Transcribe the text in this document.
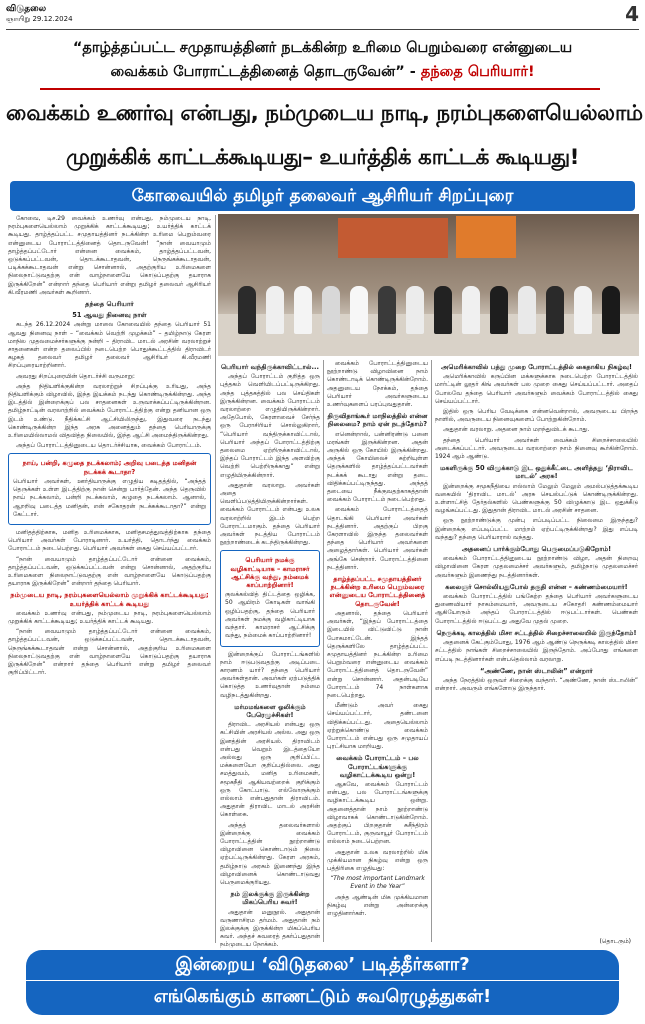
விடுதலை
ஞாயிறு 29.12.2024	4
“தாழ்த்தப்பட்ட சமுதாயத்தினர் நடக்கின்ற உரிமை பெறும்வரை என்னுடைய
வைக்கம் போராட்டத்தினைத் தொடருவேன்” - தந்தை பெரியார்!
வைக்கம் உணர்வு என்பது, நம்முடைய நாடி, நரம்புகளையெல்லாம்
முறுக்கிக் காட்டக்கூடியது– உயர்த்திக் காட்டக் கூடியது!
கோவையில் தமிழர் தலைவர் ஆசிரியர் சிறப்புரை

கோவை, டிச.29 வைக்கம் உணர்வு என்பது, நம்முடைய நாடி, நரம்புகளையெல்லாம் முறுக்கிக் காட்டக்கூடியது; உயர்த்திக் காட்டக் கூடியது. தாழ்த்தப்பட்ட சமுதாயத்தினர் நடக்கின்ற உரிமை பெறும்வரை என்னுடைய போராட்டத்தினைத் தொடருவேன்! “நான் வையாமும் தாழ்த்தப்பட்டோர் என்னை வைக்கம், தாழ்த்தப்பட்டவன், ஒடுக்கப்பட்டவன், தொடக்கூடாதவன், நெருங்கக்கூடாதவன், படிக்கக்கூடாதவன் என்று சொன்னால், அதற்குரிய உரிமைகளை நிலைநாட்டுவதற்கு என் வாழ்நாளையே கொடுப்பதற்கு தயாராக இருக்கிறேன்” என்றார் தந்தை பெரியார் என்று தமிழர் தலைவர் ஆசிரியர் கி.வீரமணி அவர்கள் கூறினார்.

தந்தை பெரியார்
51 ஆவது நினைவு நாள்

கடந்த 26.12.2024 அன்று மாலை கோவையில் தந்தை பெரியார் 51 ஆவது நினைவு நாள் – “வைக்கம் வெற்றி முழக்கம்” – தமிழ்நாடு கேரள மாநில முதலமைச்சர்களுக்கு நன்றி – திராவிட மாடல் அரசின் வரலாற்றுச் சாதனைகள் என்ற தலைப்பில் நடைபெற்ற பொதுக்கூட்டத்தில் திராவிடர் கழகத் தலைவர் தமிழர் தலைவர் ஆசிரியர் கி.வீரமணி சிறப்புரையாற்றினார்.

அவரது சிறப்புரையின் தொடர்ச்சி வருமாறு:

அந்த நிதியளிக்குகின்ற வரலாற்றுச் சிறப்புக்கு உரியது, அந்த நிதியளிக்கும் விழாவில், இந்த இயக்கம் நடந்து கொண்டிருக்கின்றது. அந்த இடத்தில் இன்றைக்குப் பல சாதனைகள் உருவாக்கப்பட்டிருக்கின்றன. தமிழ்நாட்டின் வரலாற்றில் வைக்கம் போராட்டத்திற்கு என்று தனியான ஒரு இடம் உண்டு. நீதிக்கட்சி ஆட்சியிலிருந்து, இதுவரை நடந்து கொண்டிருக்கின்ற இந்த அரசு அனைத்தும் தந்தை பெரியாருக்கு உரிமையில்லாமல் விதவித்த நிலையில், இந்த ஆட்சி அமைந்திருக்கின்றது.

அந்தப் போராட்டத்தினுடைய தொடர்ச்சியாக, வைக்கம் போராட்டம்.

நாய், பன்றி, கழுதை நடக்கலாம்; அறிவு படைத்த மனிதன் நடக்கக் கூடாதா?

பெரியார் அவர்கள், ஊர்தியாருக்கு எழுதிய கடிதத்தில், “அந்தத் தெருக்கள் உள்ள இடத்திற்கு நான் சென்று பார்த்தேன். அந்த தெருவில் நாய் நடக்கலாம், பன்றி நடக்கலாம், கழுதை நடக்கலாம். ஆனால், ஆறறிவு படைத்த மனிதன், என் சகோதரன் நடக்கக்கூடாதா?” என்று கேட்டார்.

மனிதத்திற்காக, மனித உரிமைக்காக, மனிதசமத்துவத்திற்காக தந்தை பெரியார் அவர்கள் போராடினார். உயர்த்தி, தொடர்ந்து வைக்கம் போராட்டம் நடைபெற்றது. பெரியார் அவர்கள் கைது செய்யப்பட்டார்.

“நான் வையாமும் தாழ்த்தப்பட்டோர் என்னை வைக்கம், தாழ்த்தப்பட்டவன், ஒடுக்கப்பட்டவன் என்று சொன்னால், அதற்குரிய உரிமைகளை நிலைநாட்டுவதற்கு என் வாழ்நாளையே கொடுப்பதற்கு தயாராக இருக்கிறேன்” என்றார் தந்தை பெரியார்.

நம்முடைய நாடி, நரம்புகளையெல்லாம் முறுக்கிக் காட்டக்கூடியது; உயர்த்திக் காட்டக் கூடியது

வைக்கம் உணர்வு என்பது, நம்முடைய நாடி, நரம்புகளையெல்லாம் முறுக்கிக் காட்டக்கூடியது; உயர்த்திக் காட்டக் கூடியது.

“நான் வையாமும் தாழ்த்தப்பட்டோர் என்னை வைக்கம், தாழ்த்தப்பட்டவன், ஒடுக்கப்பட்டவன், தொடக்கூடாதவன், நெருங்கக்கூடாதவன் என்று சொன்னால், அதற்குரிய உரிமைகளை நிலைநாட்டுவதற்கு என் வாழ்நாளையே கொடுப்பதற்கு தயாராக இருக்கிறேன்” என்றார் தந்தை பெரியார் என்று தமிழர் தலைவர் குறிப்பிட்டார்.

பெரியார் வந்திருக்காவிட்டால்...

அந்தப் போராட்டம் குறித்த ஒரு புத்தகம் வெளியிடப்பட்டிருக்கிறது. அந்த புத்தகத்தில் பல செய்திகள் இருக்கின்றன. வைக்கம் போராட்டம் வரலாற்றை எழுதியிருக்கின்றார். அதேபோல், கேரளாவைச் சேர்ந்த ஒரு பேராசிரியர் சொல்லுகிறார், “பெரியார் வந்திருக்காவிட்டால், பெரியார் அந்தப் போராட்டத்திற்கு தலைமை ஏற்றிருக்காவிட்டால், இந்தப் போராட்டம் இந்த அளவிற்கு வெற்றி பெற்றிருக்காது” என்று எழுதியிருக்கின்றார்.

அதுதான் வரலாறு. அவர்கள் அதை வெளிப்படுத்தியிருக்கின்றார்கள். வைக்கம் போராட்டம் என்பது உலக வரலாற்றில் இடம் பெற்ற போராட்டமாகும். தந்தை பெரியார் அவர்கள் நடத்திய போராட்டம் நூற்றாண்டைக் கடந்திருக்கின்றது.

பெரியார் நமக்கு வழிகாட்டியாக – காமராசர் ஆட்சிக்கு வந்து, நம்மைக் காப்பாற்றினார்!

குலக்கல்வித் திட்டத்தை ஒழிக்க, 50 ஆயிரம் கோடிகள் வாங்கி ஒழிப்பதற்கு, தந்தை பெரியார் அவர்கள் நமக்கு வழிகாட்டியாக வந்தார். காமராசர் ஆட்சிக்கு வந்து, நம்மைக் காப்பாற்றினார்!

இன்றைக்குப் போராட்டங்களில் நாம் ஈடுபடுவதற்கு அடிப்படை காரணம் யார்? தந்தை பெரியார் அவர்கள்தான். அவர்கள் ஏற்படுத்திக் கொடுத்த உணர்வுதான் நம்மை வழிநடத்துகின்றது.

மர்மமங்களை ஓலிக்கும் பேரெழுச்சிகள்!

திராவிட அரசியல் என்பது ஒரு கட்சியின் அரசியல் அல்ல. அது ஒரு இனத்தின் அரசியல். திராவிடம் என்பது வெறும் இடத்தையோ அல்லது ஒரு குறிப்பிட்ட மக்களையோ குறிப்பதில்லை. அது சமத்துவம், மனித உரிமைகள், சமூகநீதி ஆகியவற்றைக் குறிக்கும் ஒரு கோட்பாடு. எல்லோருக்கும் எல்லாம் என்பதுதான் திராவிடம். அதுதான் திராவிட மாடல் அரசின் கொள்கை.

அந்தத் தலைவர்களால் இன்றைக்கு வைக்கம் போராட்டத்தின் நூற்றாண்டு விழாவினை கொண்டாடும் நிலை ஏற்பட்டிருக்கின்றது. கேரள அரசும், தமிழ்நாடு அரசும் இணைந்து இந்த விழாவினைக் கொண்டாடுவது பெருமைக்குரியது.

நம் இலக்குக்கு இருக்கின்ற மிகப்பெரிய சுவர்!

அதுதான் மனுநூல். அதுதான் வருணாசிரம தர்மம். அதுதான் நம் இலக்குக்கு இருக்கின்ற மிகப்பெரிய சுவர். அந்தச் சுவரைத் தகர்ப்பதுதான் நம்முடைய நோக்கம்.

வைக்கம் போராட்டத்தினுடைய நூற்றாண்டு விழாவினை நாம் கொண்டாடிக் கொண்டிருக்கின்றோம். அதனுடைய நோக்கம், தந்தை பெரியார் அவர்களுடைய உணர்வுகளைப் பரப்புவதுதான்.

திருவிதாங்கூர் மாநிலத்தில் என்ன நிலைமை? நாம் ஏன் நடந்தோம்?

எனென்றால், பன்னிரண்டு பனை மரங்கள் இருக்கின்றன. அதன் அருகில் ஒரு கோயில் இருக்கின்றது. அந்தக் கோயிலைச் சுற்றியுள்ள தெருக்களில் தாழ்த்தப்பட்டவர்கள் நடக்கக் கூடாது என்று தடை விதிக்கப்பட்டிருந்தது. அந்தத் தடையை நீக்குவதற்காகத்தான் வைக்கம் போராட்டம் நடைபெற்றது.

வைக்கம் போராட்டத்தைத் தொடங்கி பெரியார் அவர்கள் நடத்தினார். அதற்குப் பிறகு கேரளாவில் இருந்த தலைவர்கள் தந்தை பெரியார் அவர்களை அழைத்தார்கள். பெரியார் அவர்கள் அங்கே சென்றார். போராட்டத்தினை நடத்தினார்.

தாழ்த்தப்பட்ட சமுதாயத்தினர் நடக்கின்ற உரிமை பெறும்வரை என்னுடைய போராட்டத்தினைத் தொடருவேன்!

அதனால், தந்தை பெரியார் அவர்கள், “இந்தப் போராட்டத்தை இடையில் விட்டுவிட்டு நான் போகமாட்டேன். இந்தத் தெருக்களிலே தாழ்த்தப்பட்ட சமுதாயத்தினர் நடக்கின்ற உரிமை பெறும்வரை என்னுடைய வைக்கம் போராட்டத்தினைத் தொடருவேன்” என்று சொன்னார். அதன்படியே போராட்டம் 74 நாள்களாக நடைபெற்றது.

மீண்டும் அவர் கைது செய்யப்பட்டார், தண்டனை விதிக்கப்பட்டது. அதையெல்லாம் ஏற்றுக்கொண்டு வைக்கம் போராட்டம் என்பது ஒரு சமுதாயப் புரட்சியாக மாறியது.

வைக்கம் போராட்டம் – பல போராட்டங்களுக்கு வழிகாட்டக்கூடிய ஒன்று!

ஆகவே, வைக்கம் போராட்டம் என்பது, பல போராட்டங்களுக்கு வழிகாட்டக்கூடிய ஒன்று. அதனைத்தான் நாம் நூற்றாண்டு விழாவாகக் கொண்டாடுகின்றோம். அதற்குப் பிறகுதான் சுசீந்திரம் போராட்டம், குருவாயூர் போராட்டம் எல்லாம் நடைபெற்றன.

அதுதான் உலக வரலாற்றில் மிக முக்கியமான நிகழ்வு என்று ஒரு பத்திரிகை எழுதியது:

“The most important Landmark Event in the Year”

அந்த ஆண்டின் மிக முக்கியமான நிகழ்வு என்று அன்றைக்கு எழுதினார்கள்.

அமெரிக்காவில் பத்து முறை போராட்டத்தில் கைதாகிய நிகழ்வு!

அமெரிக்காவில் கருப்பின மக்களுக்காக நடைபெற்ற போராட்டத்தில் மார்ட்டின் லூதர் கிங் அவர்கள் பல முறை கைது செய்யப்பட்டார். அதைப் போலவே தந்தை பெரியார் அவர்களும் வைக்கம் போராட்டத்தில் கைது செய்யப்பட்டார்.

இதில் ஒரு பெரிய வேடிக்கை என்னவென்றால், அவருடைய பிறந்த நாளில், அவருடைய நினைவுகளைப் போற்றுகின்றோம்.

அதுதான் வரலாறு. அதனை நாம் மறந்துவிடக் கூடாது.

தந்தை பெரியார் அவர்கள் வைக்கம் சிறைச்சாலையில் அடைக்கப்பட்டார். அவருடைய வரலாற்றை நாம் நினைவு கூர்கின்றோம். 1924 ஆம் ஆண்டு.

மகளிருக்கு 50 விழுக்காடு இட ஒதுக்கீட்டை அளித்தது ‘திராவிட மாடல்’ அரசு!

இன்றைக்கு சமூகநீதியை எல்லாம் மேலும் மேலும் அமல்படுத்தக்கூடிய வகையில் ‘திராவிட மாடல்’ அரசு செயல்பட்டுக் கொண்டிருக்கின்றது. உள்ளாட்சித் தேர்தல்களில் பெண்களுக்கு 50 விழுக்காடு இட ஒதுக்கீடு வழங்கப்பட்டது. இதுதான் திராவிட மாடல் அரசின் சாதனை.

ஒரு நூற்றாண்டுக்கு முன்பு எப்படிப்பட்ட நிலைமை இருந்தது? இன்றைக்கு எப்படிப்பட்ட மாற்றம் ஏற்பட்டிருக்கின்றது? இது எப்படி வந்தது? தந்தை பெரியாரால் வந்தது.

அதனைப் பார்க்கும்போது பெருமைப்படுகிறோம்!

வைக்கம் போராட்டத்தினுடைய நூற்றாண்டு விழா, அதன் நிறைவு விழாவினை கேரள முதலமைச்சர் அவர்களும், தமிழ்நாடு முதலமைச்சர் அவர்களும் இணைந்து நடத்தினார்கள்.

கலைஞர் சொல்லியதுபோல் தகுதி என்ன – கண்ணம்மையார்!

வைக்கம் போராட்டத்தில் பங்கேற்ற தந்தை பெரியார் அவர்களுடைய துணைவியார் நாகம்மையார், அவருடைய சகோதரி கண்ணம்மையார் ஆகியோரும் அந்தப் போராட்டத்தில் ஈடுபட்டார்கள். பெண்கள் போராட்டத்தில் ஈடுபட்டது அதுவே முதல் முறை.

நெருக்கடி காலத்தில் மிசா சட்டத்தில் சிறைச்சாலையில் இருந்தோம்!

அதனைக் கேட்கும்போது, 1976 ஆம் ஆண்டு நெருக்கடி காலத்தில் மிசா சட்டத்தில் நாங்கள் சிறைச்சாலையில் இருந்தோம். அப்போது எங்களை எப்படி நடத்தினார்கள் என்பதெல்லாம் வரலாறு.

“அண்ணே, நான் ஸ்டாலின்” என்றார்

அந்த நேரத்தில் ஒருவர் சிறைக்கு வந்தார். “அண்ணே, நான் ஸ்டாலின்” என்றார். அவரும் எங்களோடு இருந்தார்.

(தொடரும்)
இன்றைய ‘விடுதலை’ படித்தீர்களா?
எங்கெங்கும் காணட்டும் சுவரெழுத்துகள்!
